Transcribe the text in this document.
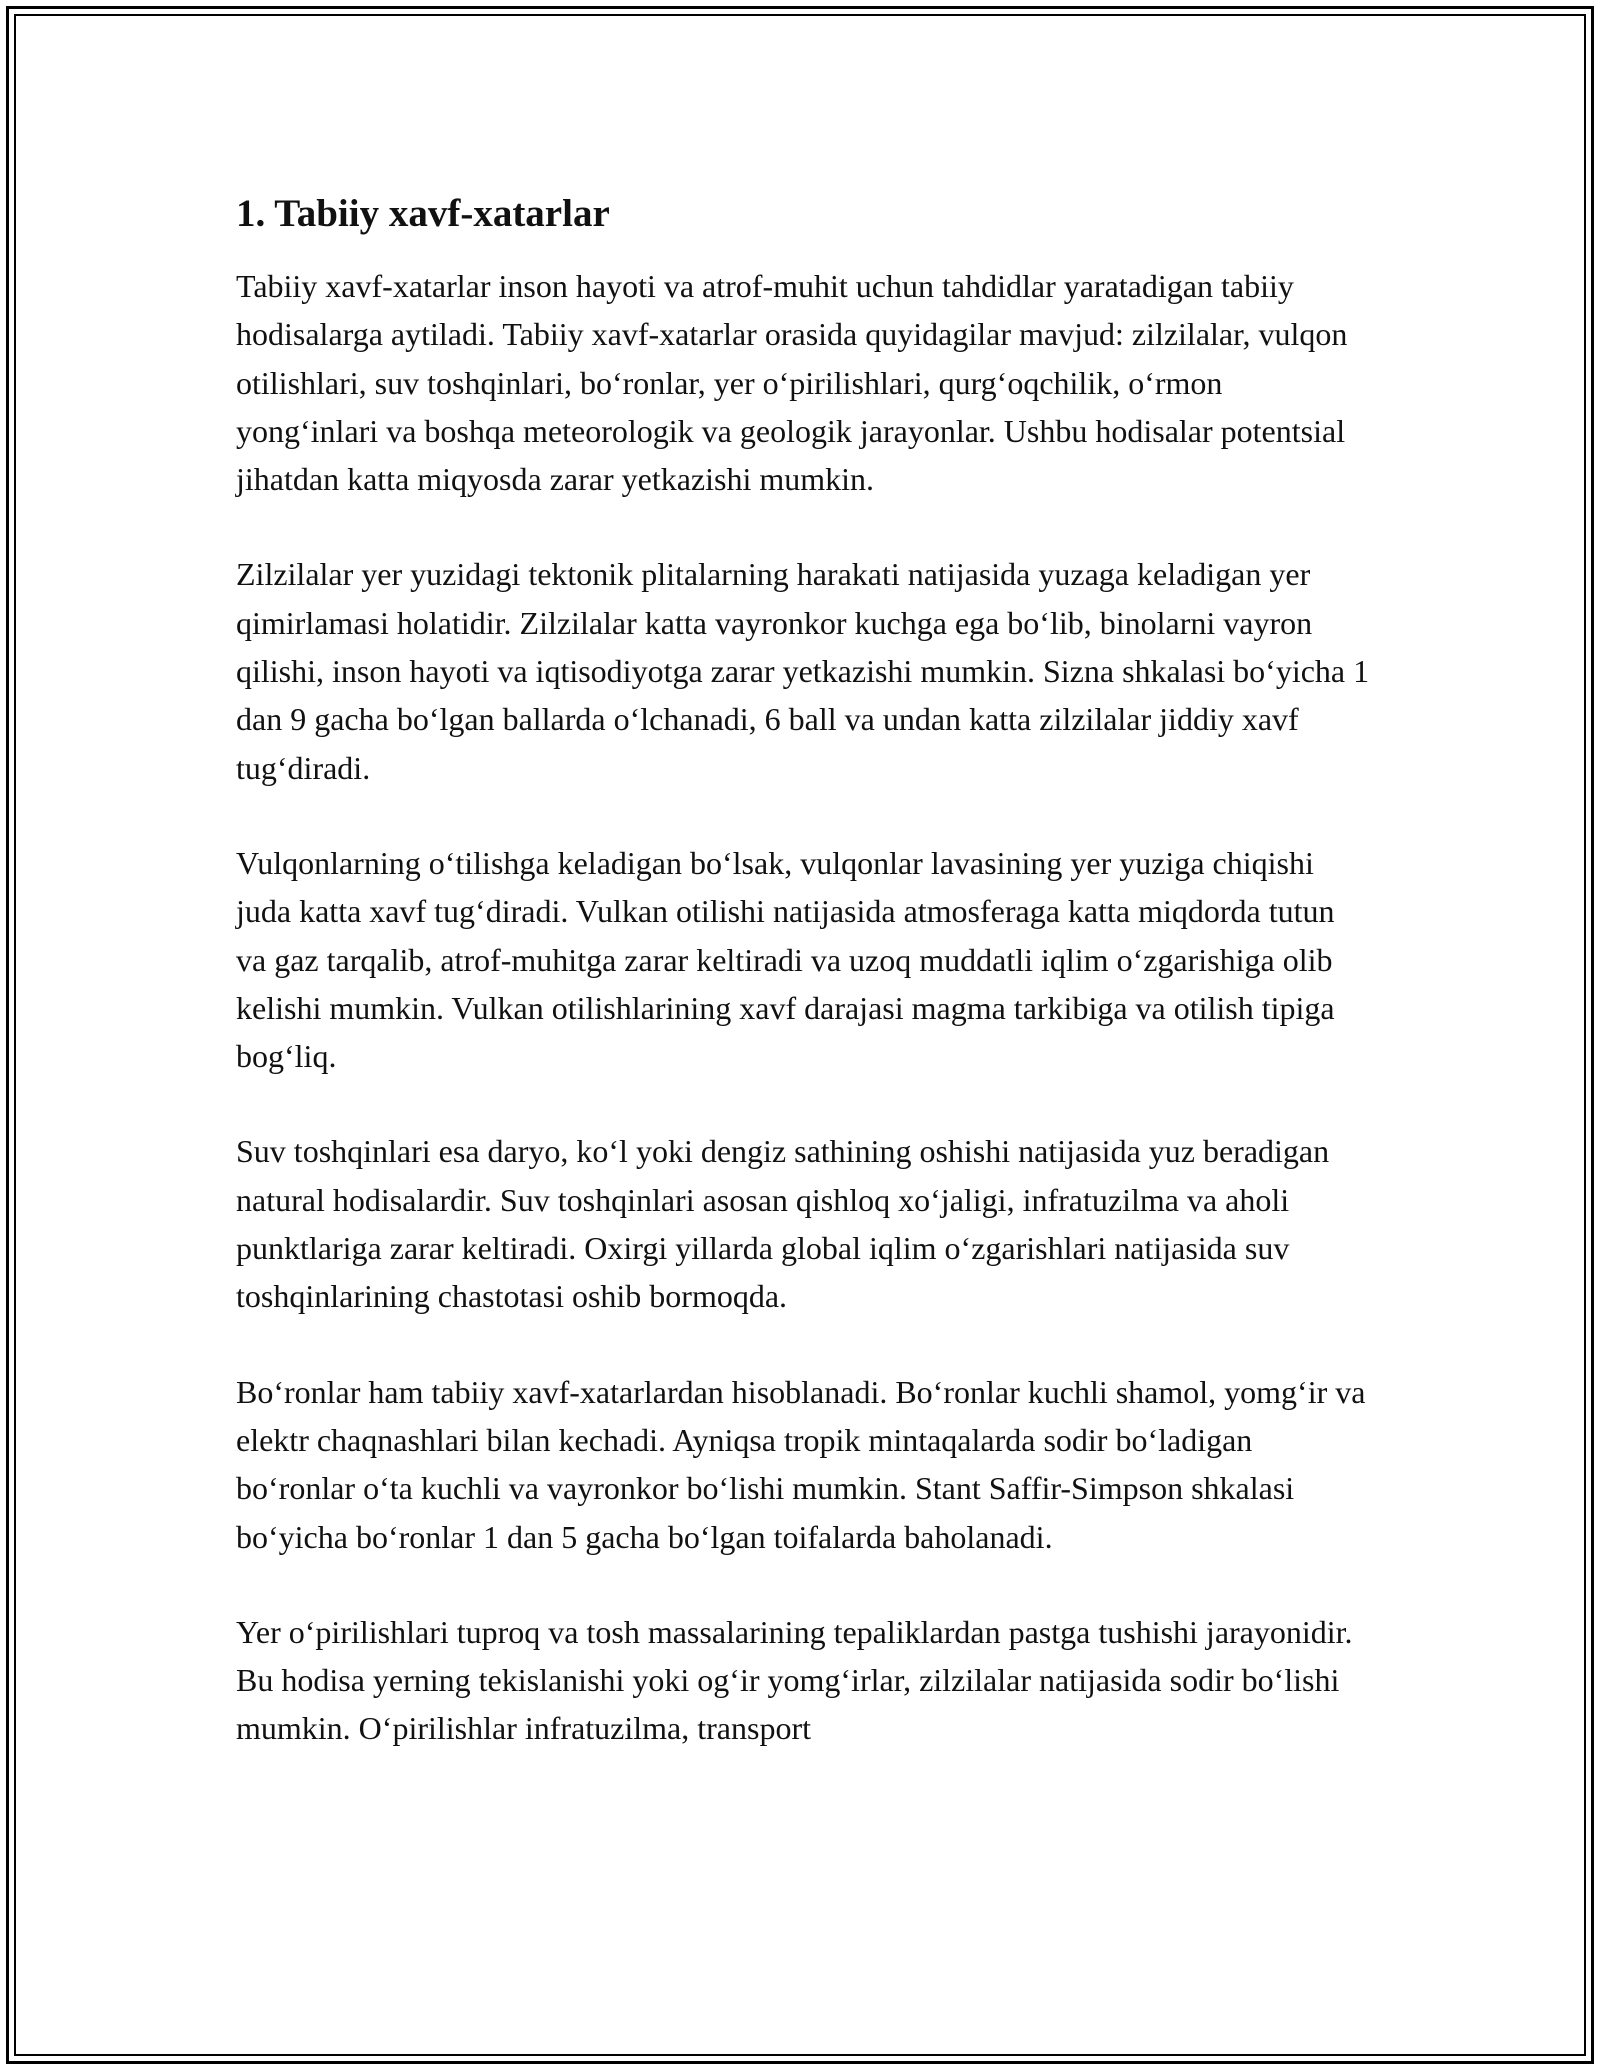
1. Tabiiy xavf-xatarlar

Tabiiy xavf-xatarlar inson hayoti va atrof-muhit uchun tahdidlar yaratadigan tabiiy hodisalarga aytiladi. Tabiiy xavf-xatarlar orasida quyidagilar mavjud: zilzilalar, vulqon otilishlari, suv toshqinlari, bo‘ronlar, yer o‘pirilishlari, qurg‘oqchilik, o‘rmon yong‘inlari va boshqa meteorologik va geologik jarayonlar. Ushbu hodisalar potentsial jihatdan katta miqyosda zarar yetkazishi mumkin.

Zilzilalar yer yuzidagi tektonik plitalarning harakati natijasida yuzaga keladigan yer qimirlamasi holatidir. Zilzilalar katta vayronkor kuchga ega bo‘lib, binolarni vayron qilishi, inson hayoti va iqtisodiyotga zarar yetkazishi mumkin. Sizna shkalasi bo‘yicha 1 dan 9 gacha bo‘lgan ballarda o‘lchanadi, 6 ball va undan katta zilzilalar jiddiy xavf tug‘diradi.

Vulqonlarning o‘tilishga keladigan bo‘lsak, vulqonlar lavasining yer yuziga chiqishi juda katta xavf tug‘diradi. Vulkan otilishi natijasida atmosferaga katta miqdorda tutun va gaz tarqalib, atrof-muhitga zarar keltiradi va uzoq muddatli iqlim o‘zgarishiga olib kelishi mumkin. Vulkan otilishlarining xavf darajasi magma tarkibiga va otilish tipiga bog‘liq.

Suv toshqinlari esa daryo, ko‘l yoki dengiz sathining oshishi natijasida yuz beradigan natural hodisalardir. Suv toshqinlari asosan qishloq xo‘jaligi, infratuzilma va aholi punktlariga zarar keltiradi. Oxirgi yillarda global iqlim o‘zgarishlari natijasida suv toshqinlarining chastotasi oshib bormoqda.

Bo‘ronlar ham tabiiy xavf-xatarlardan hisoblanadi. Bo‘ronlar kuchli shamol, yomg‘ir va elektr chaqnashlari bilan kechadi. Ayniqsa tropik mintaqalarda sodir bo‘ladigan bo‘ronlar o‘ta kuchli va vayronkor bo‘lishi mumkin. Stant Saffir-Simpson shkalasi bo‘yicha bo‘ronlar 1 dan 5 gacha bo‘lgan toifalarda baholanadi.

Yer o‘pirilishlari tuproq va tosh massalarining tepaliklardan pastga tushishi jarayonidir. Bu hodisa yerning tekislanishi yoki og‘ir yomg‘irlar, zilzilalar natijasida sodir bo‘lishi mumkin. O‘pirilishlar infratuzilma, transport
